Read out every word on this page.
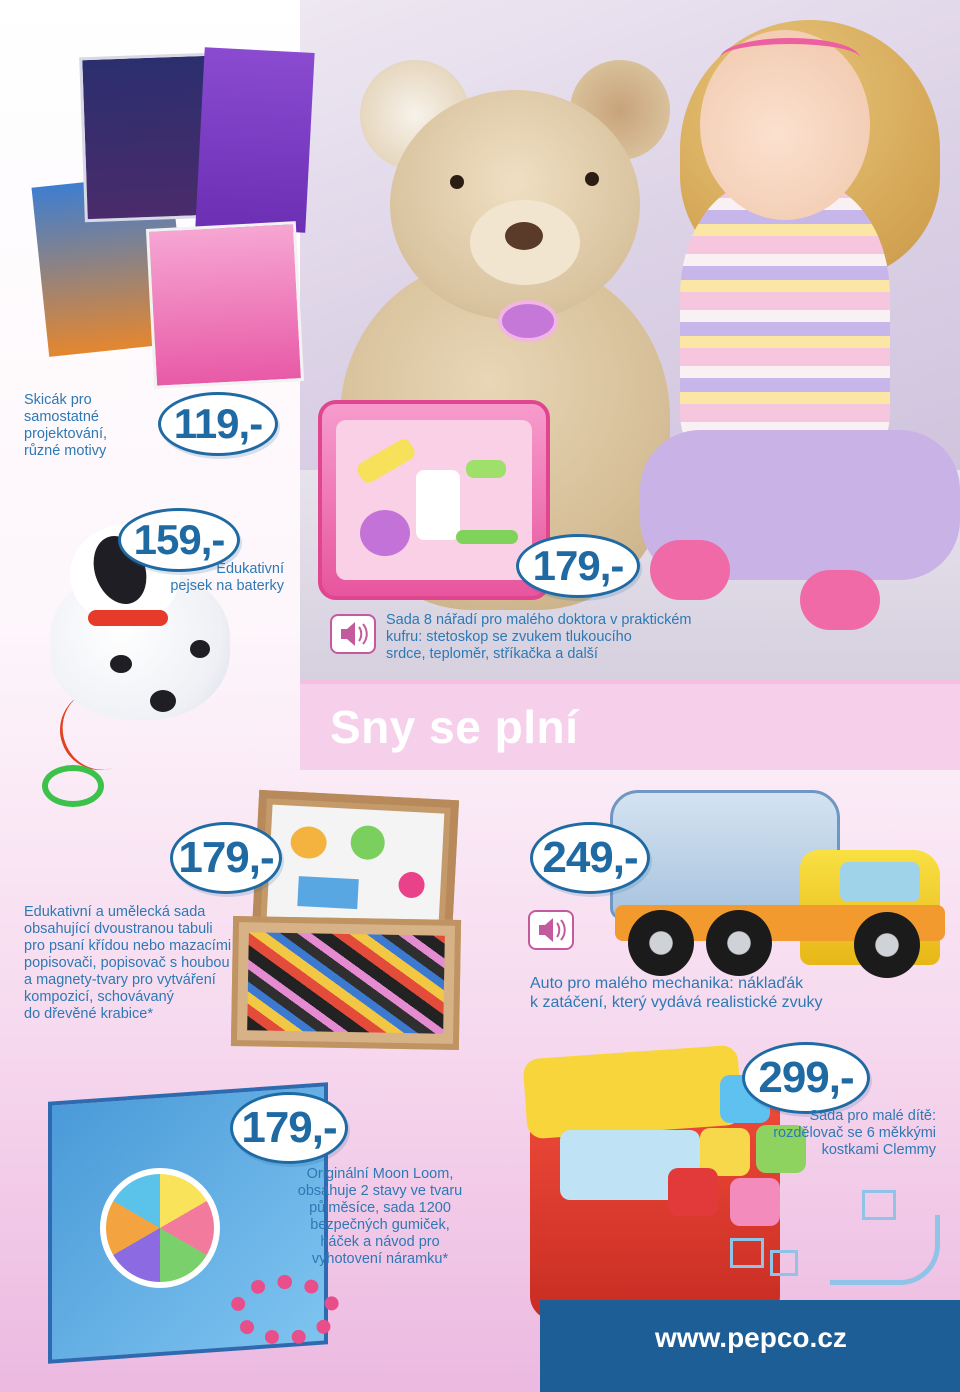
Skicák pro
samostatné
projektování,
různé motivy
119,-
159,-
Edukativní
pejsek na baterky	179,-
Sada 8 nářadí pro malého doktora v praktickém
kufru: stetoskop se zvukem tlukoucího
srdce, teploměr, stříkačka a další
Sny se plní
179,-
Edukativní a umělecká sada
obsahující dvoustranou tabuli
pro psaní křídou nebo mazacími
popisovači, popisovač s houbou
a magnety-tvary pro vytváření
kompozicí, schovávaný
do dřevěné krabice*
249,-
Auto pro malého mechanika: náklaďák
k zatáčení, který vydává realistické zvuky
179,-
Originální Moon Loom,
obsahuje 2 stavy ve tvaru
půlměsíce, sada 1200
bezpečných gumiček,
háček a návod pro
vyhotovení náramku*
299,-
Sada pro malé dítě:
rozdělovač se 6 měkkými
kostkami Clemmy
www.pepco.cz
